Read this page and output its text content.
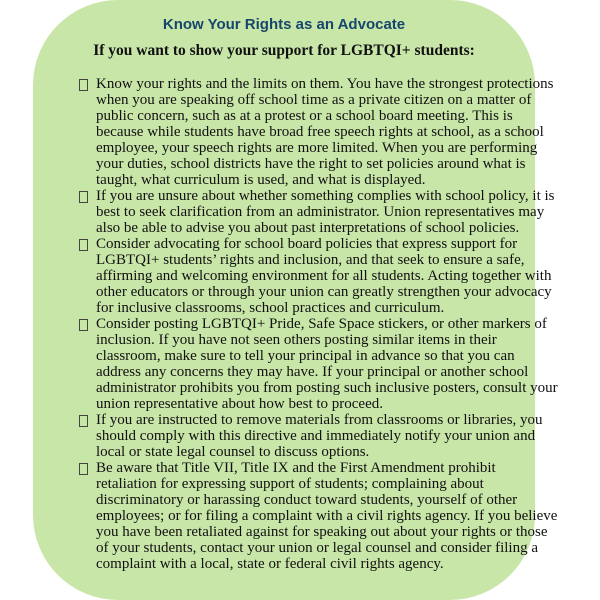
Know Your Rights as an Advocate
If you want to show your support for LGBTQI+ students:
Know your rights and the limits on them. You have the strongest protections
when you are speaking off school time as a private citizen on a matter of
public concern, such as at a protest or a school board meeting. This is
because while students have broad free speech rights at school, as a school
employee, your speech rights are more limited. When you are performing
your duties, school districts have the right to set policies around what is
taught, what curriculum is used, and what is displayed.
If you are unsure about whether something complies with school policy, it is
best to seek clarification from an administrator. Union representatives may
also be able to advise you about past interpretations of school policies.
Consider advocating for school board policies that express support for
LGBTQI+ students’ rights and inclusion, and that seek to ensure a safe,
affirming and welcoming environment for all students. Acting together with
other educators or through your union can greatly strengthen your advocacy
for inclusive classrooms, school practices and curriculum.
Consider posting LGBTQI+ Pride, Safe Space stickers, or other markers of
inclusion. If you have not seen others posting similar items in their
classroom, make sure to tell your principal in advance so that you can
address any concerns they may have. If your principal or another school
administrator prohibits you from posting such inclusive posters, consult your
union representative about how best to proceed.
If you are instructed to remove materials from classrooms or libraries, you
should comply with this directive and immediately notify your union and
local or state legal counsel to discuss options.
Be aware that Title VII, Title IX and the First Amendment prohibit
retaliation for expressing support of students; complaining about
discriminatory or harassing conduct toward students, yourself of other
employees; or for filing a complaint with a civil rights agency. If you believe
you have been retaliated against for speaking out about your rights or those
of your students, contact your union or legal counsel and consider filing a
complaint with a local, state or federal civil rights agency.
